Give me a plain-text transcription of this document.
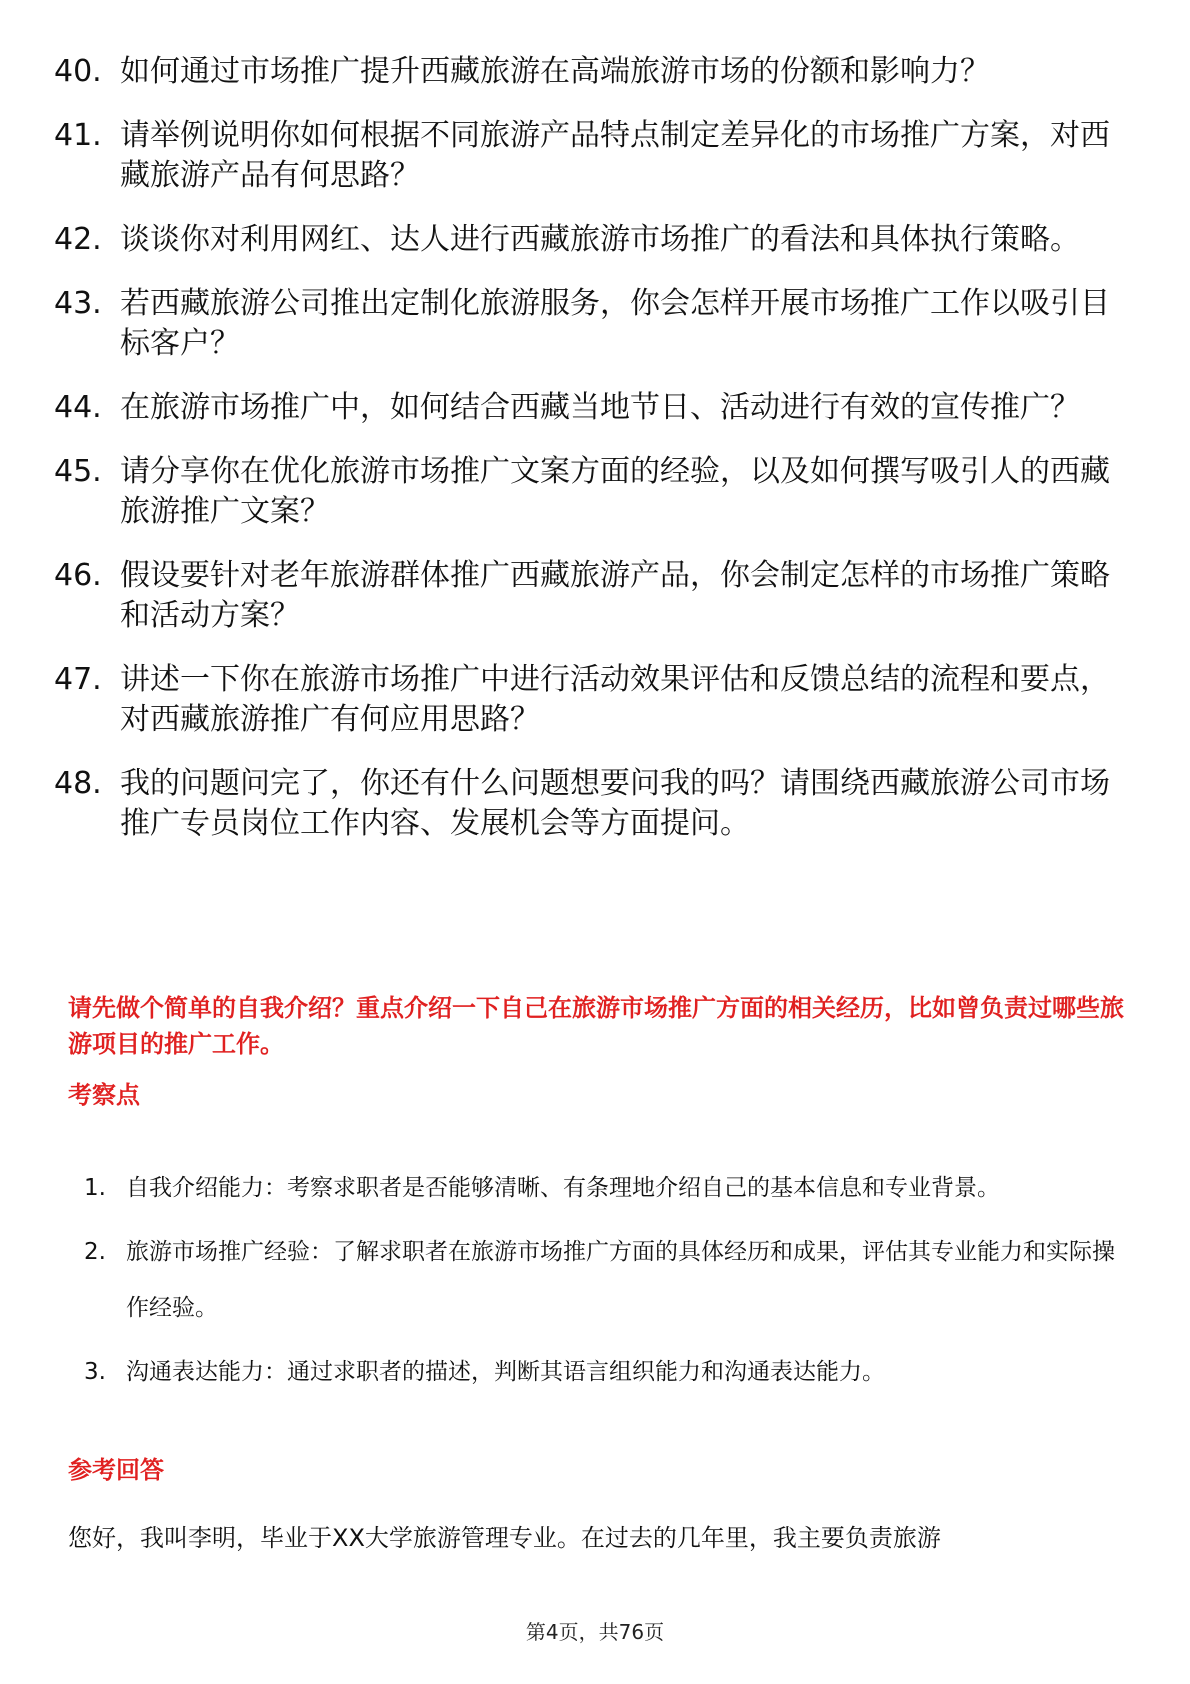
40. 如何通过市场推广提升西藏旅游在高端旅游市场的份额和影响力？
41. 请举例说明你如何根据不同旅游产品特点制定差异化的市场推广方案，对西藏旅游产品有何思路？
42. 谈谈你对利用网红、达人进行西藏旅游市场推广的看法和具体执行策略。
43. 若西藏旅游公司推出定制化旅游服务，你会怎样开展市场推广工作以吸引目标客户？
44. 在旅游市场推广中，如何结合西藏当地节日、活动进行有效的宣传推广？
45. 请分享你在优化旅游市场推广文案方面的经验，以及如何撰写吸引人的西藏旅游推广文案？
46. 假设要针对老年旅游群体推广西藏旅游产品，你会制定怎样的市场推广策略和活动方案？
47. 讲述一下你在旅游市场推广中进行活动效果评估和反馈总结的流程和要点，对西藏旅游推广有何应用思路？
48. 我的问题问完了，你还有什么问题想要问我的吗？请围绕西藏旅游公司市场推广专员岗位工作内容、发展机会等方面提问。

请先做个简单的自我介绍？重点介绍一下自己在旅游市场推广方面的相关经历，比如曾负责过哪些旅游项目的推广工作。

考察点
1. 自我介绍能力：考察求职者是否能够清晰、有条理地介绍自己的基本信息和专业背景。
2. 旅游市场推广经验：了解求职者在旅游市场推广方面的具体经历和成果，评估其专业能力和实际操作经验。
3. 沟通表达能力：通过求职者的描述，判断其语言组织能力和沟通表达能力。
参考回答

您好，我叫李明，毕业于XX大学旅游管理专业。在过去的几年里，我主要负责旅游

第4页，共76页
